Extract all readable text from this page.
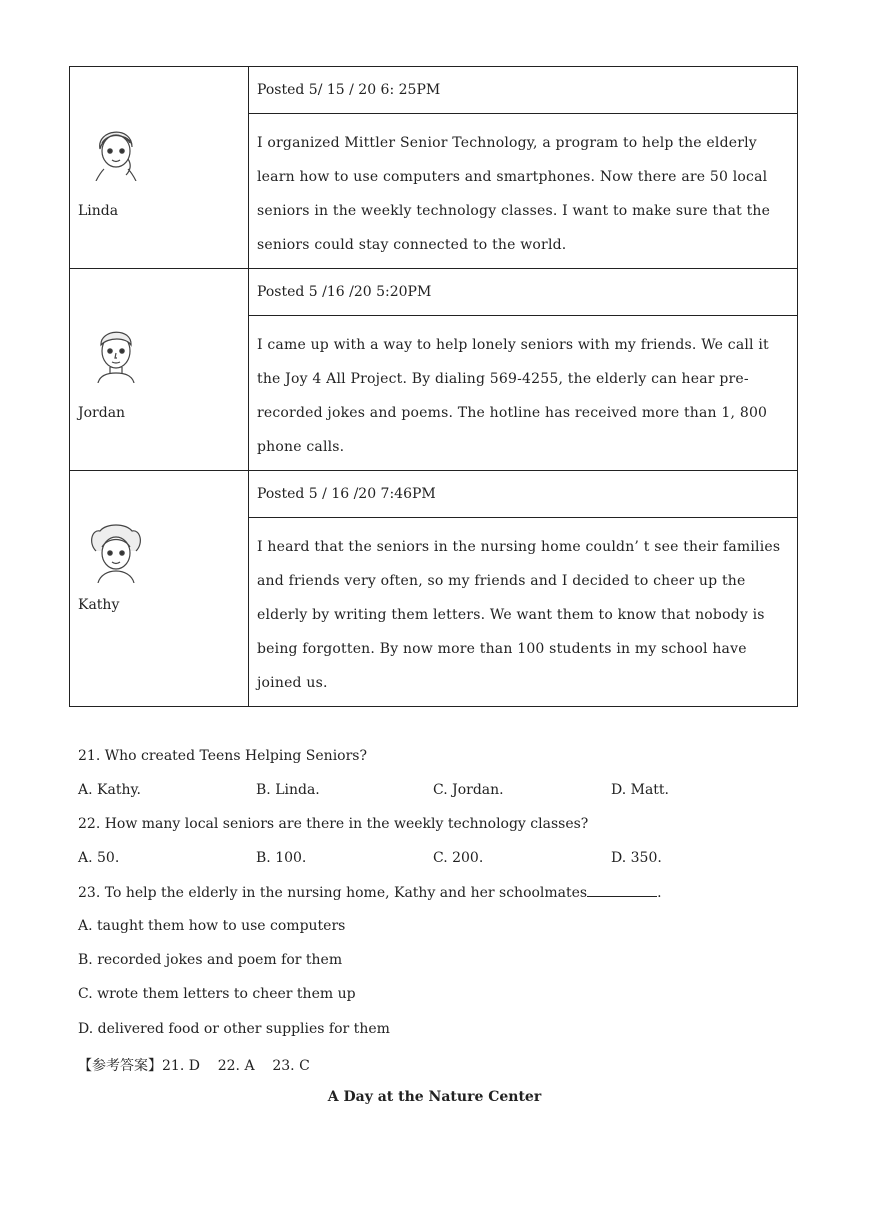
Linda	Posted 5/ 15 / 20 6: 25PM
	I organized Mittler Senior Technology, a program to help the elderly learn how to use computers and smartphones. Now there are 50 local seniors in the weekly technology classes. I want to make sure that the seniors could stay connected to the world.

Jordan	Posted 5 /16 /20 5:20PM
	I came up with a way to help lonely seniors with my friends. We call it the Joy 4 All Project. By dialing 569-4255, the elderly can hear pre-recorded jokes and poems. The hotline has received more than 1, 800 phone calls.

Kathy	Posted 5 / 16 /20 7:46PM
	I heard that the seniors in the nursing home couldn’ t see their families and friends very often, so my friends and I decided to cheer up the elderly by writing them letters. We want them to know that nobody is being forgotten. By now more than 100 students in my school have joined us.
21. Who created Teens Helping Seniors?
A. Kathy.	B. Linda.	C. Jordan.	D. Matt.
22. How many local seniors are there in the weekly technology classes?
A. 50.	B. 100.	C. 200.	D. 350.
23. To help the elderly in the nursing home, Kathy and her schoolmates	.
A. taught them how to use computers
B. recorded jokes and poem for them
C. wrote them letters to cheer them up
D. delivered food or other supplies for them
【参考答案】21. D    22. A    23. C
A Day at the Nature Center
